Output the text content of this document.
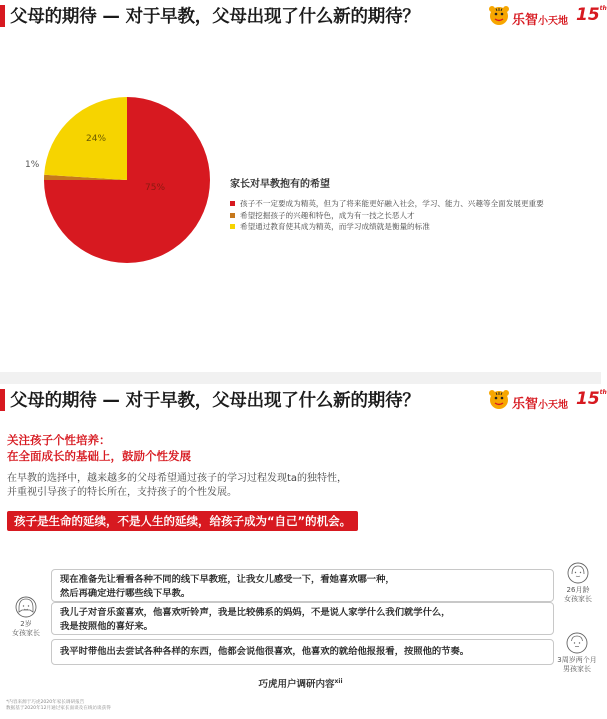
父母的期待 — 对于早教，父母出现了什么新的期待？	乐智小天地 15th
75%
1%
24%
家长对早教抱有的希望
孩子不一定要成为精英，但为了将来能更好融入社会，学习、能力、兴趣等全面发展更重要
希望挖掘孩子的兴趣和特色，成为有一技之长恶人才
希望通过教育使其成为精英，而学习成绩就是衡量的标准
父母的期待 — 对于早教，父母出现了什么新的期待？	乐智小天地 15th
关注孩子个性培养：
在全面成长的基础上，鼓励个性发展
在早教的选择中，越来越多的父母希望通过孩子的学习过程发现ta的独特性，
并重视引导孩子的特长所在，支持孩子的个性发展。
孩子是生命的延续，不是人生的延续，给孩子成为“自己”的机会。
现在准备先让看看各种不同的线下早教班，让我女儿感受一下，看她喜欢哪一种，
然后再确定进行哪些线下早教。
我儿子对音乐蛮喜欢，他喜欢听铃声，我是比较佛系的妈妈，不是说人家学什么我们就学什么，
我是按照他的喜好来。
我平时带他出去尝试各种各样的东西，他都会说他很喜欢，他喜欢的就给他报报看，按照他的节奏。
2岁
女孩家长
26月龄
女孩家长
3周岁两个月
男孩家长
巧虎用户调研内容$^{xii}$
*内容来源于巧虎2020年家长调研报告
数据基于2020年12月通过家长面谈及在线访谈获得
